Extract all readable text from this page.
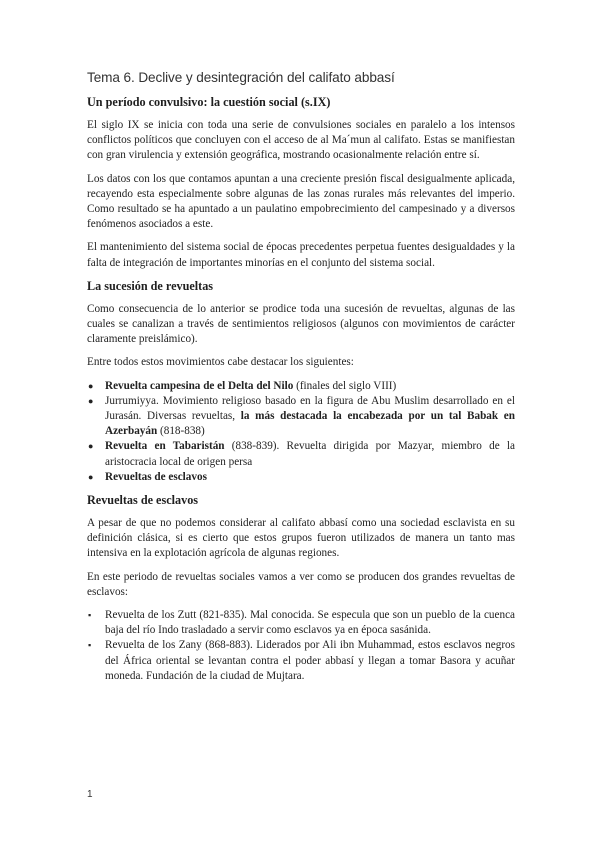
Tema 6. Declive y desintegración del califato abbasí
Un período convulsivo: la cuestión social (s.IX)

El siglo IX se inicia con toda una serie de convulsiones sociales en paralelo a los intensos conflictos políticos que concluyen con el acceso de al Ma´mun al califato. Estas se manifiestan con gran virulencia y extensión geográfica, mostrando ocasionalmente relación entre sí.

Los datos con los que contamos apuntan a una creciente presión fiscal desigualmente aplicada, recayendo esta especialmente sobre algunas de las zonas rurales más relevantes del imperio. Como resultado se ha apuntado a un paulatino empobrecimiento del campesinado y a diversos fenómenos asociados a este.

El mantenimiento del sistema social de épocas precedentes perpetua fuentes desigualdades y la falta de integración de importantes minorías en el conjunto del sistema social.

La sucesión de revueltas

Como consecuencia de lo anterior se prodice toda una sucesión de revueltas, algunas de las cuales se canalizan a través de sentimientos religiosos (algunos con movimientos de carácter claramente preislámico).

Entre todos estos movimientos cabe destacar los siguientes:

●	Revuelta campesina de el Delta del Nilo (finales del siglo VIII)
●	Jurrumiyya. Movimiento religioso basado en la figura de Abu Muslim desarrollado en el Jurasán. Diversas revueltas, la más destacada la encabezada por un tal Babak en Azerbayán (818-838)
●	Revuelta en Tabaristán (838-839). Revuelta dirigida por Mazyar, miembro de la aristocracia local de origen persa
●	Revueltas de esclavos
Revueltas de esclavos

A pesar de que no podemos considerar al califato abbasí como una sociedad esclavista en su definición clásica, si es cierto que estos grupos fueron utilizados de manera un tanto mas intensiva en la explotación agrícola de algunas regiones.

En este periodo de revueltas sociales vamos a ver como se producen dos grandes revueltas de esclavos:

▪	Revuelta de los Zutt (821-835). Mal conocida. Se especula que son un pueblo de la cuenca baja del río Indo trasladado a servir como esclavos ya en época sasánida.
▪	Revuelta de los Zany (868-883). Liderados por Ali ibn Muhammad, estos esclavos negros del África oriental se levantan contra el poder abbasí y llegan a tomar Basora y acuñar moneda. Fundación de la ciudad de Mujtara.
1
